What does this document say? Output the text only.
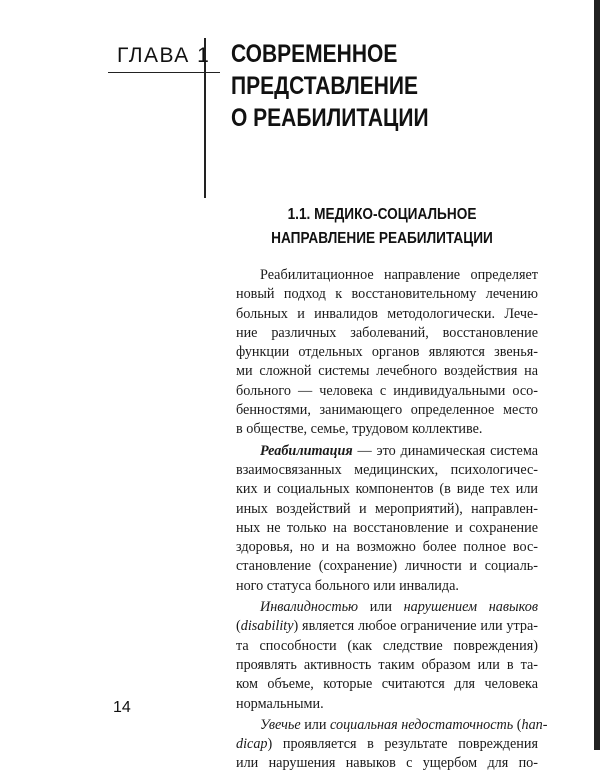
ГЛАВА 1 СОВРЕМЕННОЕ
ПРЕДСТАВЛЕНИЕ
О РЕАБИЛИТАЦИИ
1.1. МЕДИКО-СОЦИАЛЬНОЕ
НАПРАВЛЕНИЕ РЕАБИЛИТАЦИИ
Реабилитационное направление определяет
новый подход к восстановительному лечению
больных и инвалидов методологически. Лече-
ние различных заболеваний, восстановление
функции отдельных органов являются звенья-
ми сложной системы лечебного воздействия на
больного — человека с индивидуальными осо-
бенностями, занимающего определенное место
в обществе, семье, трудовом коллективе.
Реабилитация — это динамическая система
взаимосвязанных медицинских, психологичес-
ких и социальных компонентов (в виде тех или
иных воздействий и мероприятий), направлен-
ных не только на восстановление и сохранение
здоровья, но и на возможно более полное вос-
становление (сохранение) личности и социаль-
ного статуса больного или инвалида.
Инвалидностью или нарушением навыков
(disability) является любое ограничение или утра-
та способности (как следствие повреждения)
проявлять активность таким образом или в та-
ком объеме, которые считаются для человека
нормальными.
Увечье или социальная недостаточность (han-
dicap) проявляется в результате повреждения
или нарушения навыков с ущербом для по-
14
